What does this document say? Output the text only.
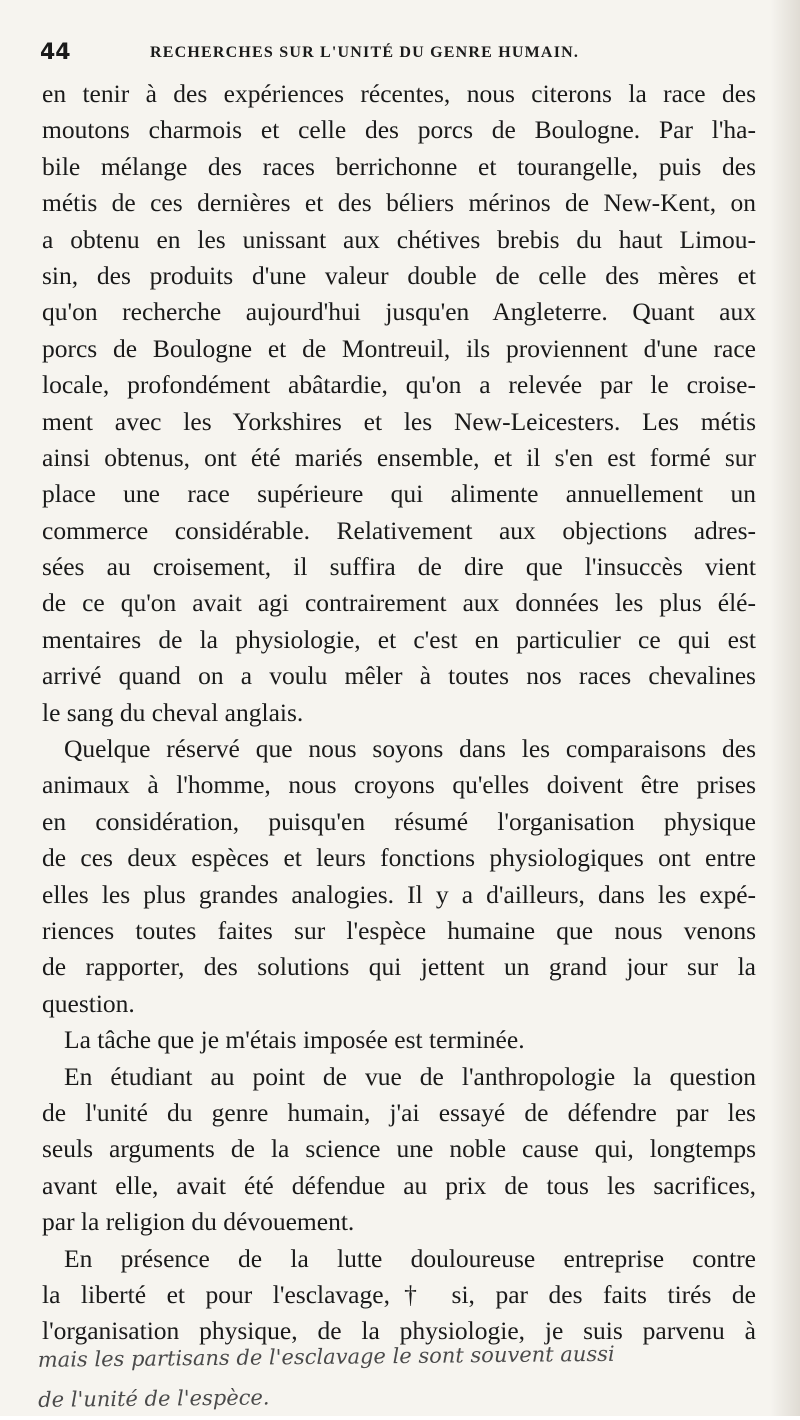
44	RECHERCHES SUR L'UNITÉ DU GENRE HUMAIN.
en tenir à des expériences récentes, nous citerons la race des
moutons charmois et celle des porcs de Boulogne. Par l'ha-
bile mélange des races berrichonne et tourangelle, puis des
métis de ces dernières et des béliers mérinos de New-Kent, on
a obtenu en les unissant aux chétives brebis du haut Limou-
sin, des produits d'une valeur double de celle des mères et
qu'on recherche aujourd'hui jusqu'en Angleterre. Quant aux
porcs de Boulogne et de Montreuil, ils proviennent d'une race
locale, profondément abâtardie, qu'on a relevée par le croise-
ment avec les Yorkshires et les New-Leicesters. Les métis
ainsi obtenus, ont été mariés ensemble, et il s'en est formé sur
place une race supérieure qui alimente annuellement un
commerce considérable. Relativement aux objections adres-
sées au croisement, il suffira de dire que l'insuccès vient
de ce qu'on avait agi contrairement aux données les plus élé-
mentaires de la physiologie, et c'est en particulier ce qui est
arrivé quand on a voulu mêler à toutes nos races chevalines
le sang du cheval anglais.
Quelque réservé que nous soyons dans les comparaisons des
animaux à l'homme, nous croyons qu'elles doivent être prises
en considération, puisqu'en résumé l'organisation physique
de ces deux espèces et leurs fonctions physiologiques ont entre
elles les plus grandes analogies. Il y a d'ailleurs, dans les expé-
riences toutes faites sur l'espèce humaine que nous venons
de rapporter, des solutions qui jettent un grand jour sur la
question.
La tâche que je m'étais imposée est terminée.
En étudiant au point de vue de l'anthropologie la question
de l'unité du genre humain, j'ai essayé de défendre par les
seuls arguments de la science une noble cause qui, longtemps
avant elle, avait été défendue au prix de tous les sacrifices,
par la religion du dévouement.
En présence de la lutte douloureuse entreprise contre
la liberté et pour l'esclavage,† si, par des faits tirés de
l'organisation physique, de la physiologie, je suis parvenu à
mais les partisans de l'esclavage le sont souvent aussi
de l'unité de l'espèce.
